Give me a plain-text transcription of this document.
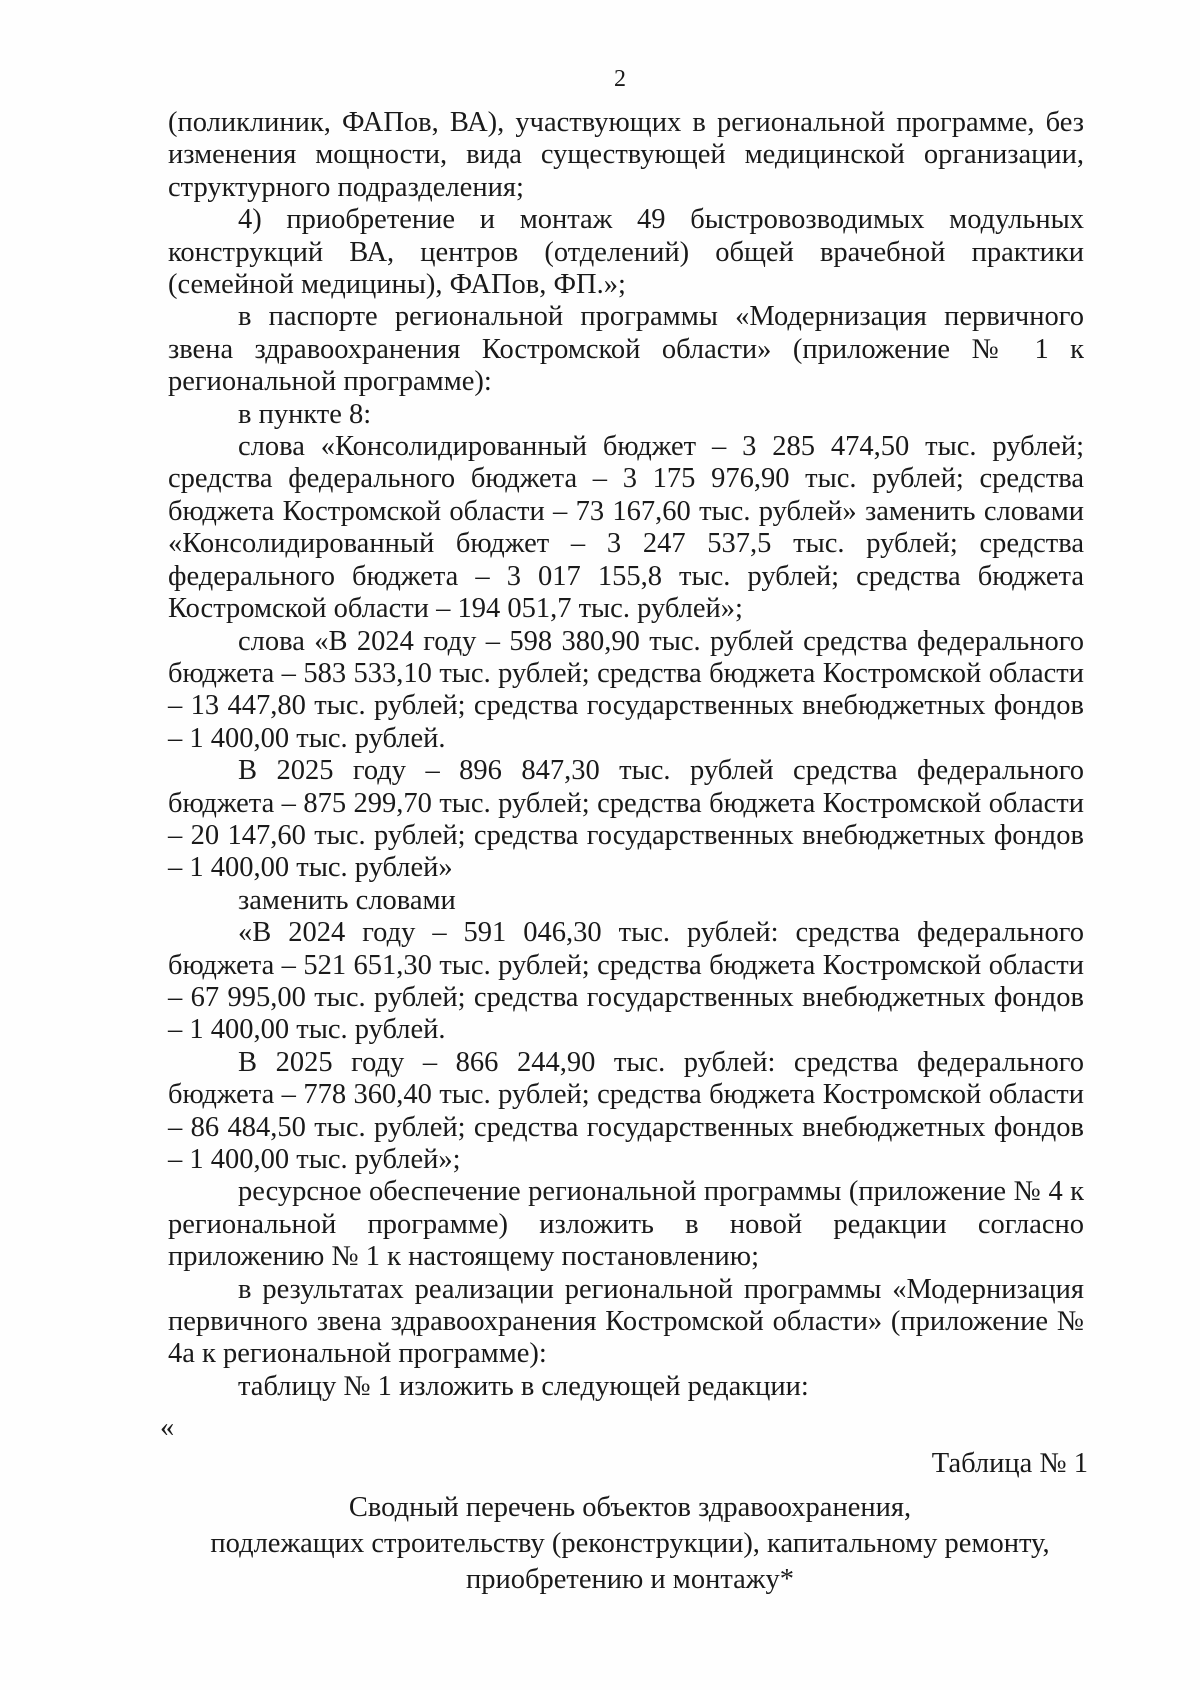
2

(поликлиник, ФАПов, ВА), участвующих в региональной программе, без изменения мощности, вида существующей медицинской организации, структурного подразделения;

4) приобретение и монтаж 49 быстровозводимых модульных конструкций ВА, центров (отделений) общей врачебной практики (семейной медицины), ФАПов, ФП.»;

в паспорте региональной программы «Модернизация первичного звена здравоохранения Костромской области» (приложение № 1 к региональной программе):

в пункте 8:

слова «Консолидированный бюджет – 3 285 474,50 тыс. рублей; средства федерального бюджета – 3 175 976,90 тыс. рублей; средства бюджета Костромской области – 73 167,60 тыс. рублей» заменить словами «Консолидированный бюджет – 3 247 537,5 тыс. рублей; средства федерального бюджета – 3 017 155,8 тыс. рублей; средства бюджета Костромской области – 194 051,7 тыс. рублей»;

слова «В 2024 году – 598 380,90 тыс. рублей средства федерального бюджета – 583 533,10 тыс. рублей; средства бюджета Костромской области – 13 447,80 тыс. рублей; средства государственных внебюджетных фондов – 1 400,00 тыс. рублей.

В 2025 году – 896 847,30 тыс. рублей средства федерального бюджета – 875 299,70 тыс. рублей; средства бюджета Костромской области – 20 147,60 тыс. рублей; средства государственных внебюджетных фондов – 1 400,00 тыс. рублей»

заменить словами

«В 2024 году – 591 046,30 тыс. рублей: средства федерального бюджета – 521 651,30 тыс. рублей; средства бюджета Костромской области – 67 995,00 тыс. рублей; средства государственных внебюджетных фондов – 1 400,00 тыс. рублей.

В 2025 году – 866 244,90 тыс. рублей: средства федерального бюджета – 778 360,40 тыс. рублей; средства бюджета Костромской области – 86 484,50 тыс. рублей; средства государственных внебюджетных фондов – 1 400,00 тыс. рублей»;

ресурсное обеспечение региональной программы (приложение № 4 к региональной программе) изложить в новой редакции согласно приложению № 1 к настоящему постановлению;

в результатах реализации региональной программы «Модернизация первичного звена здравоохранения Костромской области» (приложение № 4а к региональной программе):

таблицу № 1 изложить в следующей редакции:

«
Таблица № 1
Сводный перечень объектов здравоохранения,
подлежащих строительству (реконструкции), капитальному ремонту,
приобретению и монтажу*
